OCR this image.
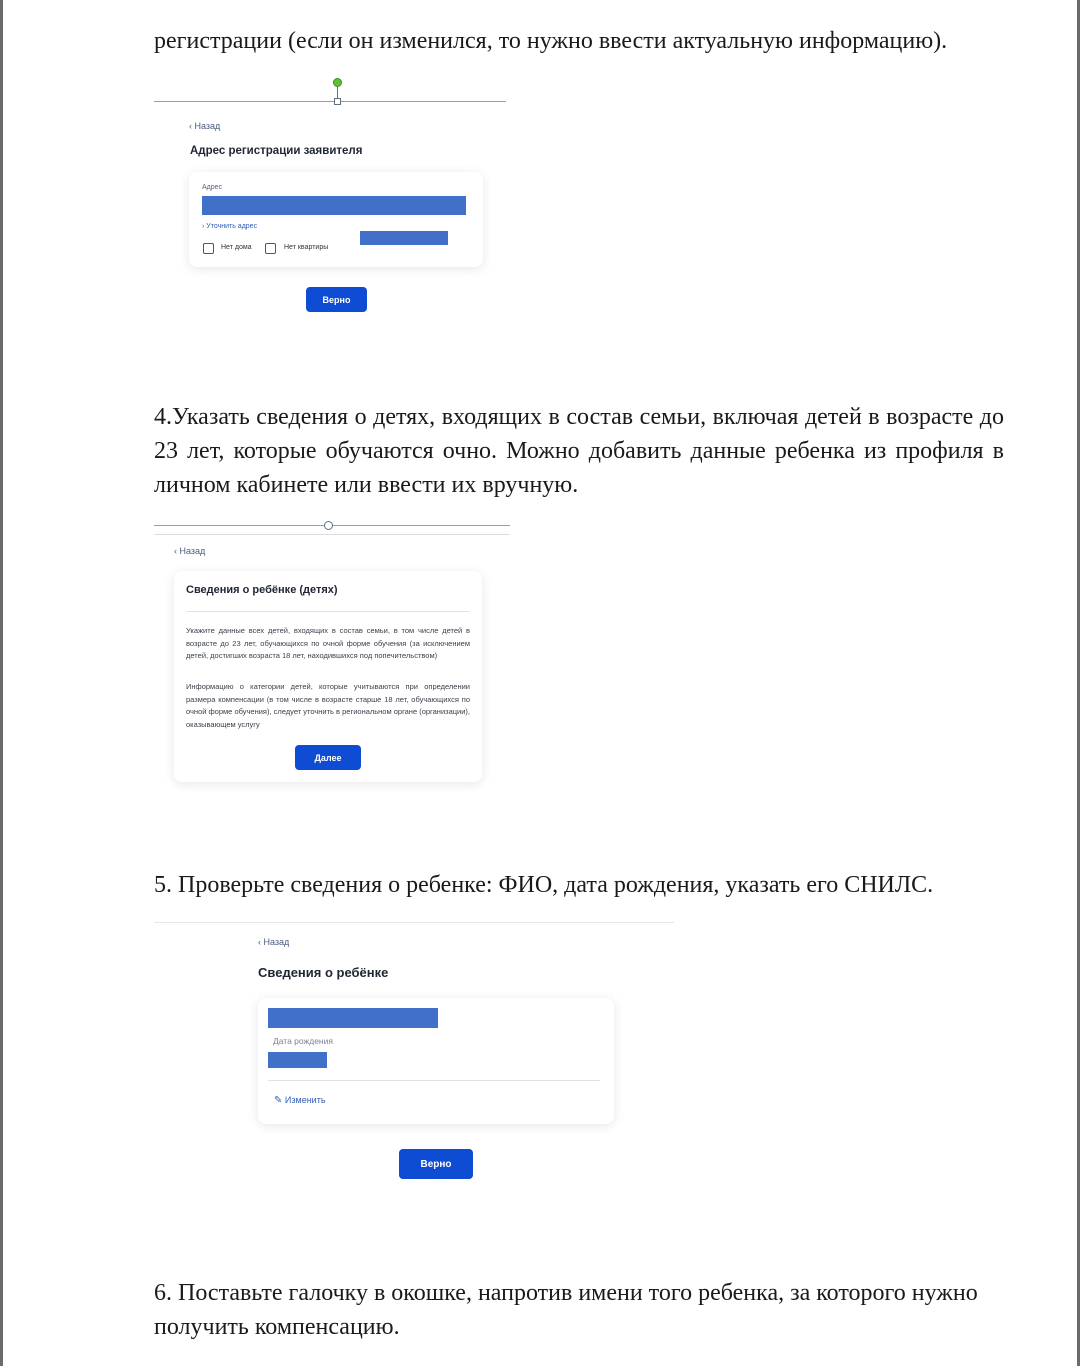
регистрации (если он изменился, то нужно ввести актуальную информацию).

‹ Назад
Адрес регистрации заявителя
Адрес
› Уточнить адрес
Нет дома	Нет квартиры
Верно

4.Указать сведения о детях, входящих в состав семьи, включая детей в возрасте до 23 лет, которые обучаются очно. Можно добавить данные ребенка из профиля в личном кабинете или ввести их вручную.

‹ Назад
Сведения о ребёнке (детях)
Укажите данные всех детей, входящих в состав семьи, в том числе детей в возрасте до 23 лет, обучающихся по очной форме обучения (за исключением детей, достигших возраста 18 лет, находившихся под попечительством)
Информацию о категории детей, которые учитываются при определении размера компенсации (в том числе в возрасте старше 18 лет, обучающихся по очной форме обучения), следует уточнить в региональном органе (организации), оказывающем услугу
Далее

5. Проверьте сведения о ребенке: ФИО, дата рождения, указать его СНИЛС.

‹ Назад
Сведения о ребёнке
Дата рождения
✎ Изменить
Верно

6. Поставьте галочку в окошке, напротив имени того ребенка, за которого нужно получить компенсацию.
